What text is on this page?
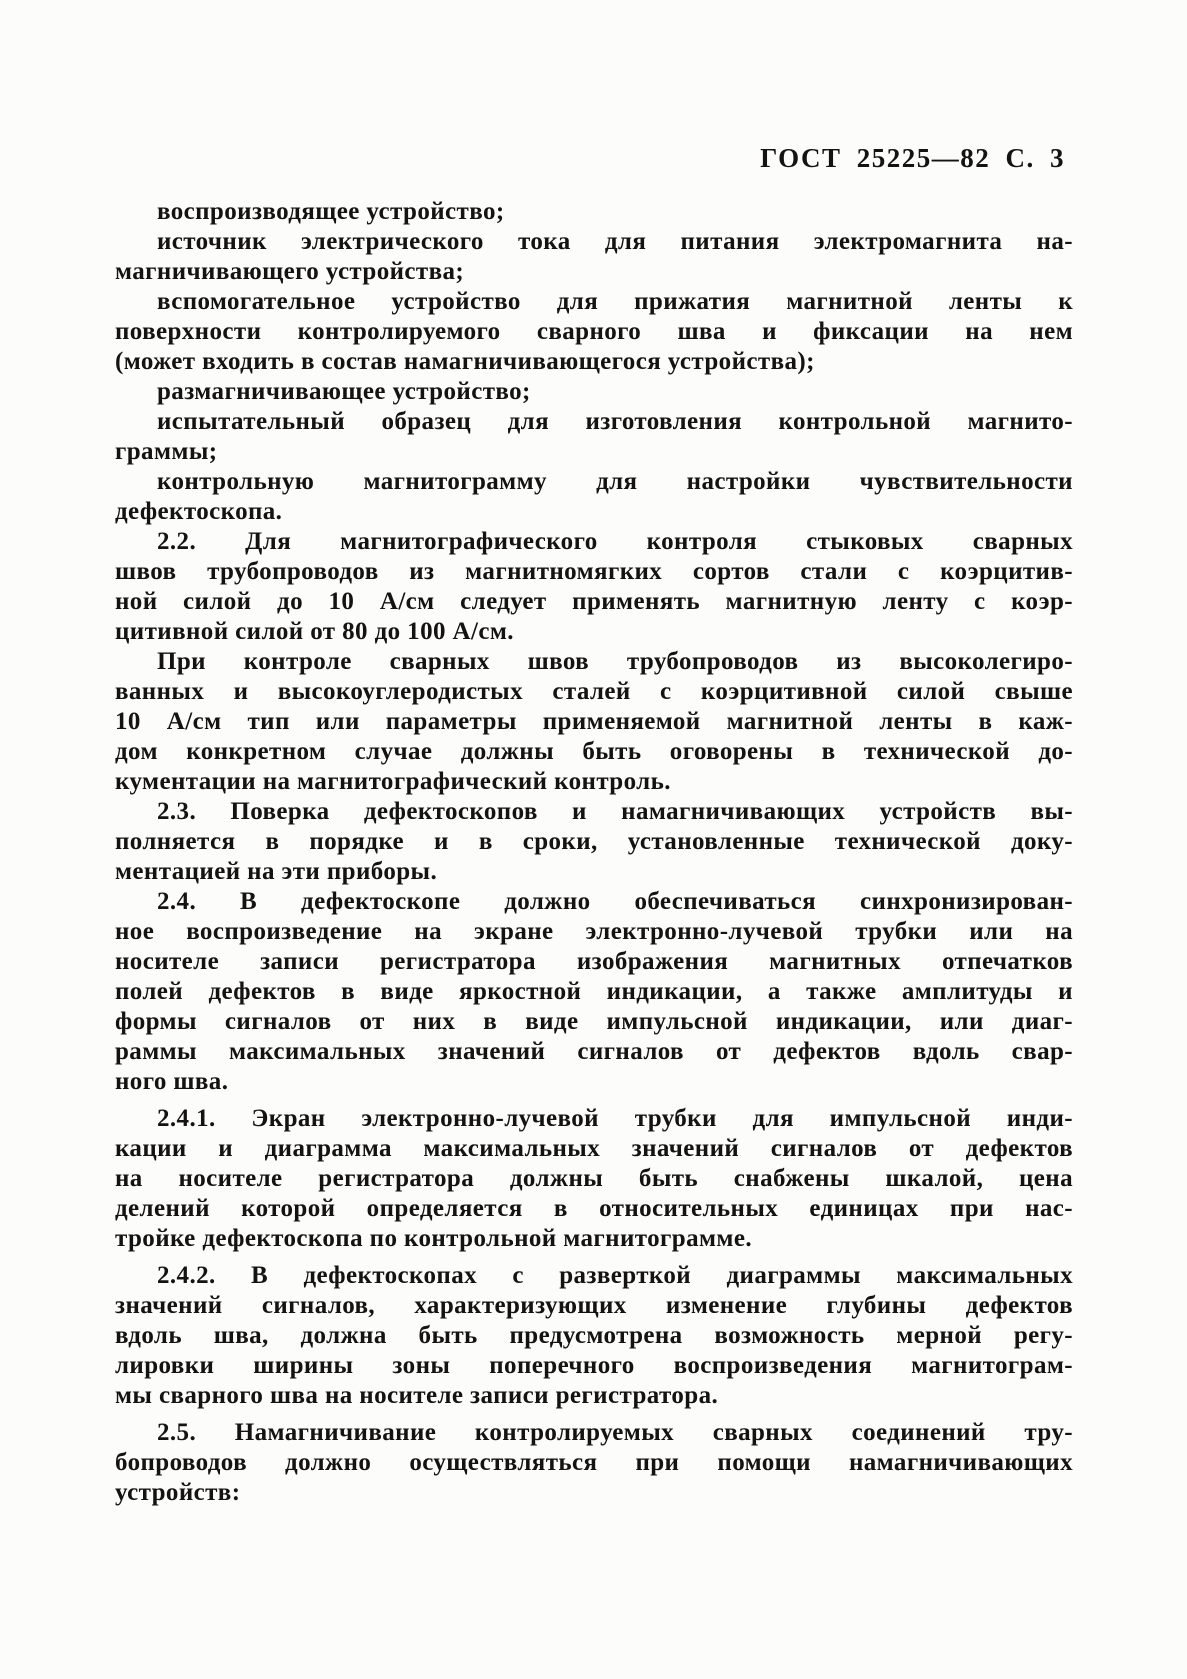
ГОСТ 25225—82 С. 3
воспроизводящее устройство;
источник электрического тока для питания электромагнита на-
магничивающего устройства;
вспомогательное устройство для прижатия магнитной ленты к
поверхности контролируемого сварного шва и фиксации на нем
(может входить в состав намагничивающегося устройства);
размагничивающее устройство;
испытательный образец для изготовления контрольной магнито-
граммы;
контрольную магнитограмму для настройки чувствительности
дефектоскопа.
2.2. Для магнитографического контроля стыковых сварных
швов трубопроводов из магнитномягких сортов стали с коэрцитив-
ной силой до 10 А/см следует применять магнитную ленту с коэр-
цитивной силой от 80 до 100 А/см.
При контроле сварных швов трубопроводов из высоколегиро-
ванных и высокоуглеродистых сталей с коэрцитивной силой свыше
10 А/см тип или параметры применяемой магнитной ленты в каж-
дом конкретном случае должны быть оговорены в технической до-
кументации на магнитографический контроль.
2.3. Поверка дефектоскопов и намагничивающих устройств вы-
полняется в порядке и в сроки, установленные технической доку-
ментацией на эти приборы.
2.4. В дефектоскопе должно обеспечиваться синхронизирован-
ное воспроизведение на экране электронно-лучевой трубки или на
носителе записи регистратора изображения магнитных отпечатков
полей дефектов в виде яркостной индикации, а также амплитуды и
формы сигналов от них в виде импульсной индикации, или диаг-
раммы максимальных значений сигналов от дефектов вдоль свар-
ного шва.
2.4.1. Экран электронно-лучевой трубки для импульсной инди-
кации и диаграмма максимальных значений сигналов от дефектов
на носителе регистратора должны быть снабжены шкалой, цена
делений которой определяется в относительных единицах при нас-
тройке дефектоскопа по контрольной магнитограмме.
2.4.2. В дефектоскопах с разверткой диаграммы максимальных
значений сигналов, характеризующих изменение глубины дефектов
вдоль шва, должна быть предусмотрена возможность мерной регу-
лировки ширины зоны поперечного воспроизведения магнитограм-
мы сварного шва на носителе записи регистратора.
2.5. Намагничивание контролируемых сварных соединений тру-
бопроводов должно осуществляться при помощи намагничивающих
устройств:
